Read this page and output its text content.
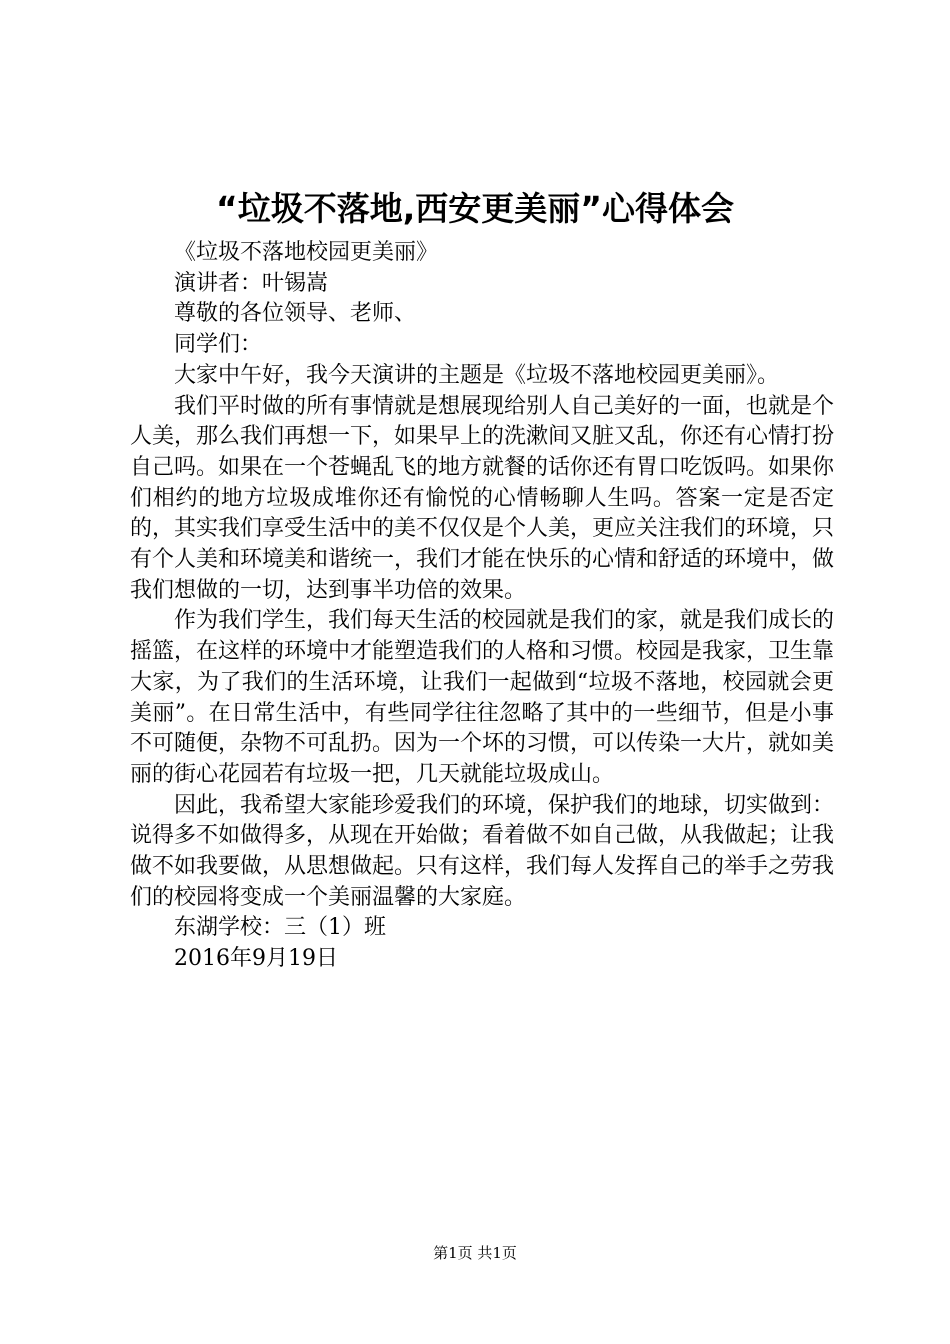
“垃圾不落地,西安更美丽”心得体会

《垃圾不落地校园更美丽》

演讲者：叶锡嵩

尊敬的各位领导、老师、

同学们：

大家中午好，我今天演讲的主题是《垃圾不落地校园更美丽》。

我们平时做的所有事情就是想展现给别人自己美好的一面，也就是个人美，那么我们再想一下，如果早上的洗漱间又脏又乱，你还有心情打扮自己吗。如果在一个苍蝇乱飞的地方就餐的话你还有胃口吃饭吗。如果你们相约的地方垃圾成堆你还有愉悦的心情畅聊人生吗。答案一定是否定的，其实我们享受生活中的美不仅仅是个人美，更应关注我们的环境，只有个人美和环境美和谐统一，我们才能在快乐的心情和舒适的环境中，做我们想做的一切，达到事半功倍的效果。

作为我们学生，我们每天生活的校园就是我们的家，就是我们成长的摇篮，在这样的环境中才能塑造我们的人格和习惯。校园是我家，卫生靠大家，为了我们的生活环境，让我们一起做到“垃圾不落地，校园就会更美丽”。在日常生活中，有些同学往往忽略了其中的一些细节，但是小事不可随便，杂物不可乱扔。因为一个坏的习惯，可以传染一大片，就如美丽的街心花园若有垃圾一把，几天就能垃圾成山。

因此，我希望大家能珍爱我们的环境，保护我们的地球，切实做到：说得多不如做得多，从现在开始做；看着做不如自己做，从我做起；让我做不如我要做，从思想做起。只有这样，我们每人发挥自己的举手之劳我们的校园将变成一个美丽温馨的大家庭。

东湖学校：三（1）班

2016年9月19日

第1页 共1页
